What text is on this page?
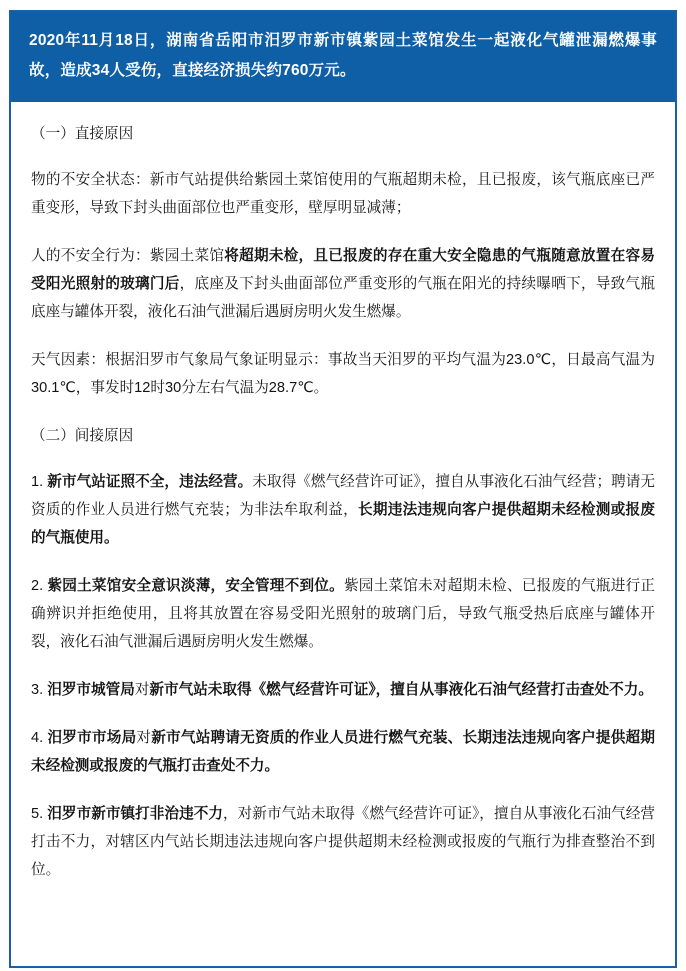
2020年11月18日，湖南省岳阳市汨罗市新市镇紫园土菜馆发生一起液化气罐泄漏燃爆事故，造成34人受伤，直接经济损失约760万元。

（一）直接原因

物的不安全状态：新市气站提供给紫园土菜馆使用的气瓶超期未检，且已报废，该气瓶底座已严重变形，导致下封头曲面部位也严重变形，壁厚明显减薄；

人的不安全行为：紫园土菜馆将超期未检，且已报废的存在重大安全隐患的气瓶随意放置在容易受阳光照射的玻璃门后，底座及下封头曲面部位严重变形的气瓶在阳光的持续曝晒下，导致气瓶底座与罐体开裂，液化石油气泄漏后遇厨房明火发生燃爆。

天气因素：根据汨罗市气象局气象证明显示：事故当天汨罗的平均气温为23.0℃，日最高气温为30.1℃，事发时12时30分左右气温为28.7℃。

（二）间接原因

1. 新市气站证照不全，违法经营。未取得《燃气经营许可证》，擅自从事液化石油气经营；聘请无资质的作业人员进行燃气充装；为非法牟取利益，长期违法违规向客户提供超期未经检测或报废的气瓶使用。

2. 紫园土菜馆安全意识淡薄，安全管理不到位。紫园土菜馆未对超期未检、已报废的气瓶进行正确辨识并拒绝使用，且将其放置在容易受阳光照射的玻璃门后，导致气瓶受热后底座与罐体开裂，液化石油气泄漏后遇厨房明火发生燃爆。

3. 汨罗市城管局对新市气站未取得《燃气经营许可证》，擅自从事液化石油气经营打击查处不力。

4. 汨罗市市场局对新市气站聘请无资质的作业人员进行燃气充装、长期违法违规向客户提供超期未经检测或报废的气瓶打击查处不力。

5. 汨罗市新市镇打非治违不力，对新市气站未取得《燃气经营许可证》，擅自从事液化石油气经营打击不力，对辖区内气站长期违法违规向客户提供超期未经检测或报废的气瓶行为排查整治不到位。
